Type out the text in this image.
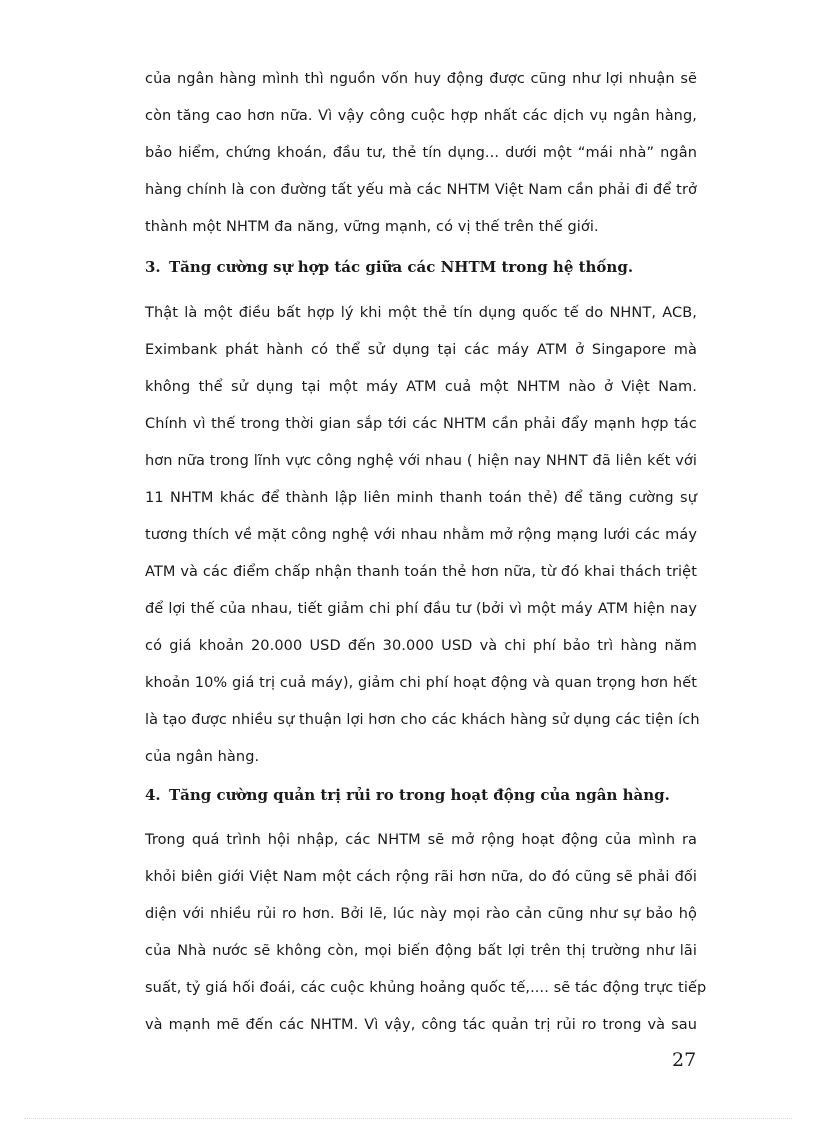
của ngân hàng mình thì nguồn vốn huy động được cũng như lợi nhuận sẽ
còn tăng cao hơn nữa. Vì vậy công cuộc hợp nhất các dịch vụ ngân hàng,
bảo hiểm, chứng khoán, đầu tư, thẻ tín dụng... dưới một “mái nhà” ngân
hàng chính là con đường tất yếu mà các NHTM Việt Nam cần phải đi để trở
thành một NHTM đa năng, vững mạnh, có vị thế trên thế giới.
3. Tăng cường sự hợp tác giữa các NHTM trong hệ thống.
Thật là một điều bất hợp lý khi một thẻ tín dụng quốc tế do NHNT, ACB,
Eximbank phát hành có thể sử dụng tại các máy ATM ở Singapore mà
không thể sử dụng tại một máy ATM cuả một NHTM nào ở Việt Nam.
Chính vì thế trong thời gian sắp tới các NHTM cần phải đẩy mạnh hợp tác
hơn nữa trong lĩnh vực công nghệ với nhau ( hiện nay NHNT đã liên kết với
11 NHTM khác để thành lập liên minh thanh toán thẻ) để tăng cường sự
tương thích về mặt công nghệ với nhau nhằm mở rộng mạng lưới các máy
ATM và các điểm chấp nhận thanh toán thẻ hơn nữa, từ đó khai thách triệt
để lợi thế của nhau, tiết giảm chi phí đầu tư (bởi vì một máy ATM hiện nay
có giá khoản 20.000 USD đến 30.000 USD và chi phí bảo trì hàng năm
khoản 10% giá trị cuả máy), giảm chi phí hoạt động và quan trọng hơn hết
là tạo được nhiều sự thuận lợi hơn cho các khách hàng sử dụng các tiện ích
của ngân hàng.
4. Tăng cường quản trị rủi ro trong hoạt động của ngân hàng.
Trong quá trình hội nhập, các NHTM sẽ mở rộng hoạt động của mình ra
khỏi biên giới Việt Nam một cách rộng rãi hơn nữa, do đó cũng sẽ phải đối
diện với nhiều rủi ro hơn. Bởi lẽ, lúc này mọi rào cản cũng như sự bảo hộ
của Nhà nước sẽ không còn, mọi biến động bất lợi trên thị trường như lãi
suất, tỷ giá hối đoái, các cuộc khủng hoảng quốc tế,.... sẽ tác động trực tiếp
và mạnh mẽ đến các NHTM. Vì vậy, công tác quản trị rủi ro trong và sau
27
